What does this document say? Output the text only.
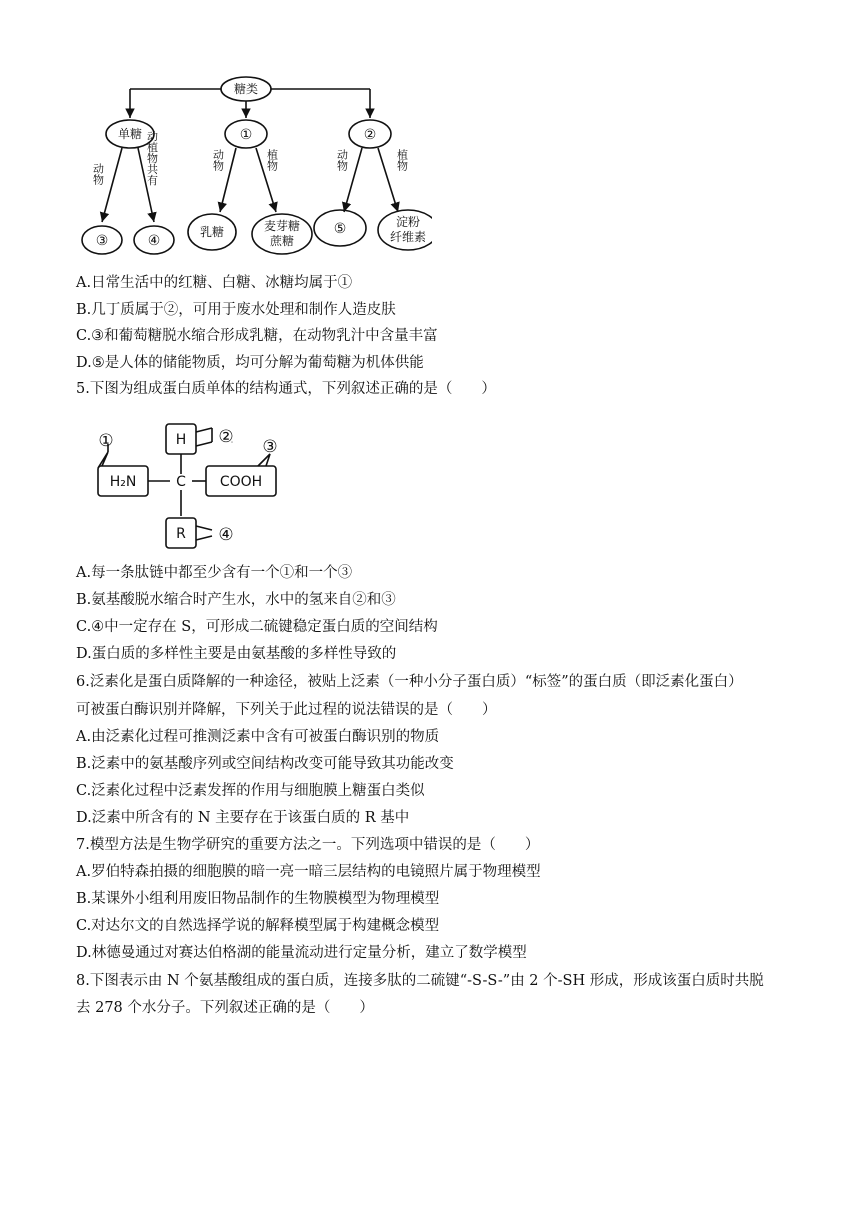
糖类
单糖	①	②
动物	动植物共有	动物	植物	动物	植物
③	④
乳糖	麦芽糖
蔗糖
⑤	淀粉
纤维素
A.日常生活中的红糖、白糖、冰糖均属于①
B.几丁质属于②，可用于废水处理和制作人造皮肤
C.③和葡萄糖脱水缩合形成乳糖，在动物乳汁中含量丰富
D.⑤是人体的储能物质，均可分解为葡萄糖为机体供能
5.下图为组成蛋白质单体的结构通式，下列叙述正确的是（　　）
H
H₂N	C COOH
R
①	② ③
④
A.每一条肽链中都至少含有一个①和一个③
B.氨基酸脱水缩合时产生水，水中的氢来自②和③
C.④中一定存在 S，可形成二硫键稳定蛋白质的空间结构
D.蛋白质的多样性主要是由氨基酸的多样性导致的
6.泛素化是蛋白质降解的一种途径，被贴上泛素（一种小分子蛋白质）“标签”的蛋白质（即泛素化蛋白）
可被蛋白酶识别并降解，下列关于此过程的说法错误的是（　　）
A.由泛素化过程可推测泛素中含有可被蛋白酶识别的物质
B.泛素中的氨基酸序列或空间结构改变可能导致其功能改变
C.泛素化过程中泛素发挥的作用与细胞膜上糖蛋白类似
D.泛素中所含有的 N 主要存在于该蛋白质的 R 基中
7.模型方法是生物学研究的重要方法之一。下列选项中错误的是（　　）
A.罗伯特森拍摄的细胞膜的暗一亮一暗三层结构的电镜照片属于物理模型
B.某课外小组利用废旧物品制作的生物膜模型为物理模型
C.对达尔文的自然选择学说的解释模型属于构建概念模型
D.林德曼通过对赛达伯格湖的能量流动进行定量分析，建立了数学模型
8.下图表示由 N 个氨基酸组成的蛋白质，连接多肽的二硫键“-S-S-”由 2 个-SH 形成，形成该蛋白质时共脱
去 278 个水分子。下列叙述正确的是（　　）
